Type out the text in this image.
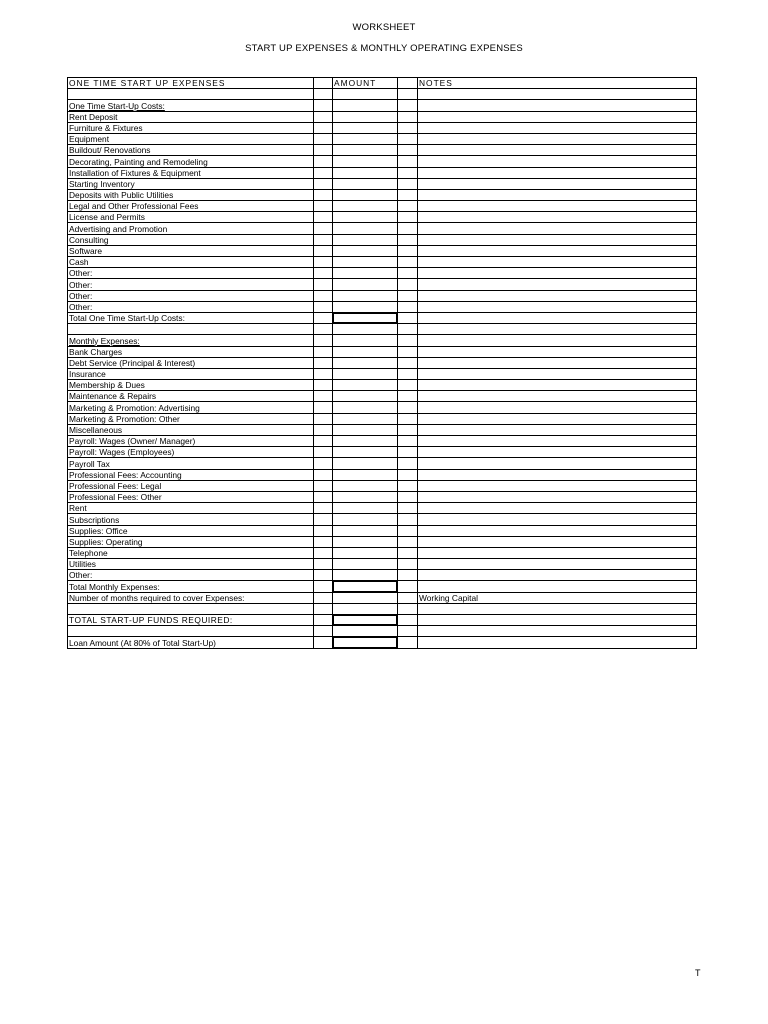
WORKSHEET
START UP EXPENSES & MONTHLY OPERATING EXPENSES
ONE TIME START UP EXPENSES		AMOUNT		NOTES

One Time Start-Up Costs:				
Rent Deposit				
Furniture & Fixtures				
Equipment				
Buildout/ Renovations				
Decorating, Painting and Remodeling				
Installation of Fixtures & Equipment				
Starting Inventory				
Deposits with Public Utilities				
Legal and Other Professional Fees				
License and Permits				
Advertising and Promotion				
Consulting				
Software				
Cash				
Other:				
Other:				
Other:				
Other:				
Total One Time Start-Up Costs:		

Monthly Expenses:				
Bank Charges				
Debt Service (Principal & Interest)				
Insurance				
Membership & Dues				
Maintenance & Repairs				
Marketing & Promotion: Advertising				
Marketing & Promotion: Other				
Miscellaneous				
Payroll: Wages (Owner/ Manager)				
Payroll: Wages (Employees)				
Payroll Tax				
Professional Fees: Accounting				
Professional Fees: Legal				
Professional Fees: Other				
Rent				
Subscriptions				
Supplies: Office				
Supplies: Operating				
Telephone				
Utilities				
Other:				
Total Monthly Expenses:		

Number of months required to cover Expenses:				Working Capital

TOTAL START-UP FUNDS REQUIRED:		

Loan Amount (At 80% of Total Start-Up)		

T
